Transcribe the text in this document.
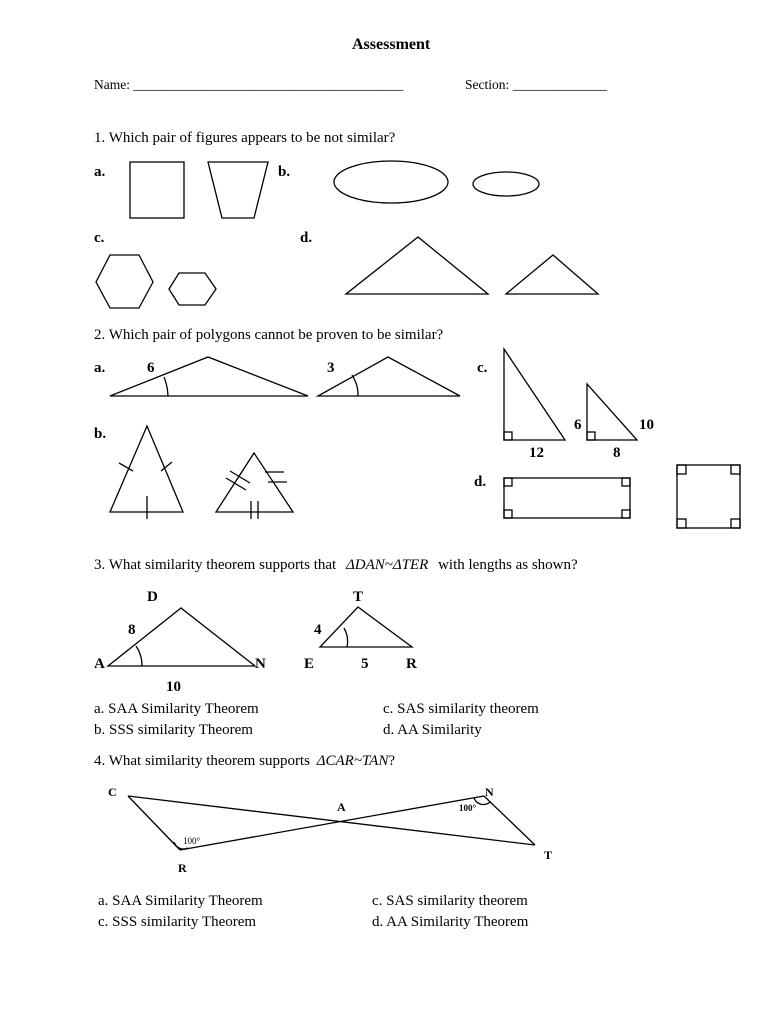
Assessment
Name: ________________________________________	Section: ______________
1. Which pair of figures appears to be not similar?
a.	b.
c.	d.
2. Which pair of polygons cannot be proven to be similar?
a.
b.
c.
d.
3. What similarity theorem supports that ΔDAN~ΔTER with lengths as shown?
a. SAA Similarity Theorem
b. SSS similarity Theorem
c. SAS similarity theorem
d. AA Similarity
4. What similarity theorem supports ΔCAR~TAN?
a. SAA Similarity Theorem
c. SSS similarity Theorem
c. SAS similarity theorem
d. AA Similarity Theorem
6	3
12
6	10
8
D
8
A	N
10
T
4
E	5	R
C
A
N
R
T
100°
100°
